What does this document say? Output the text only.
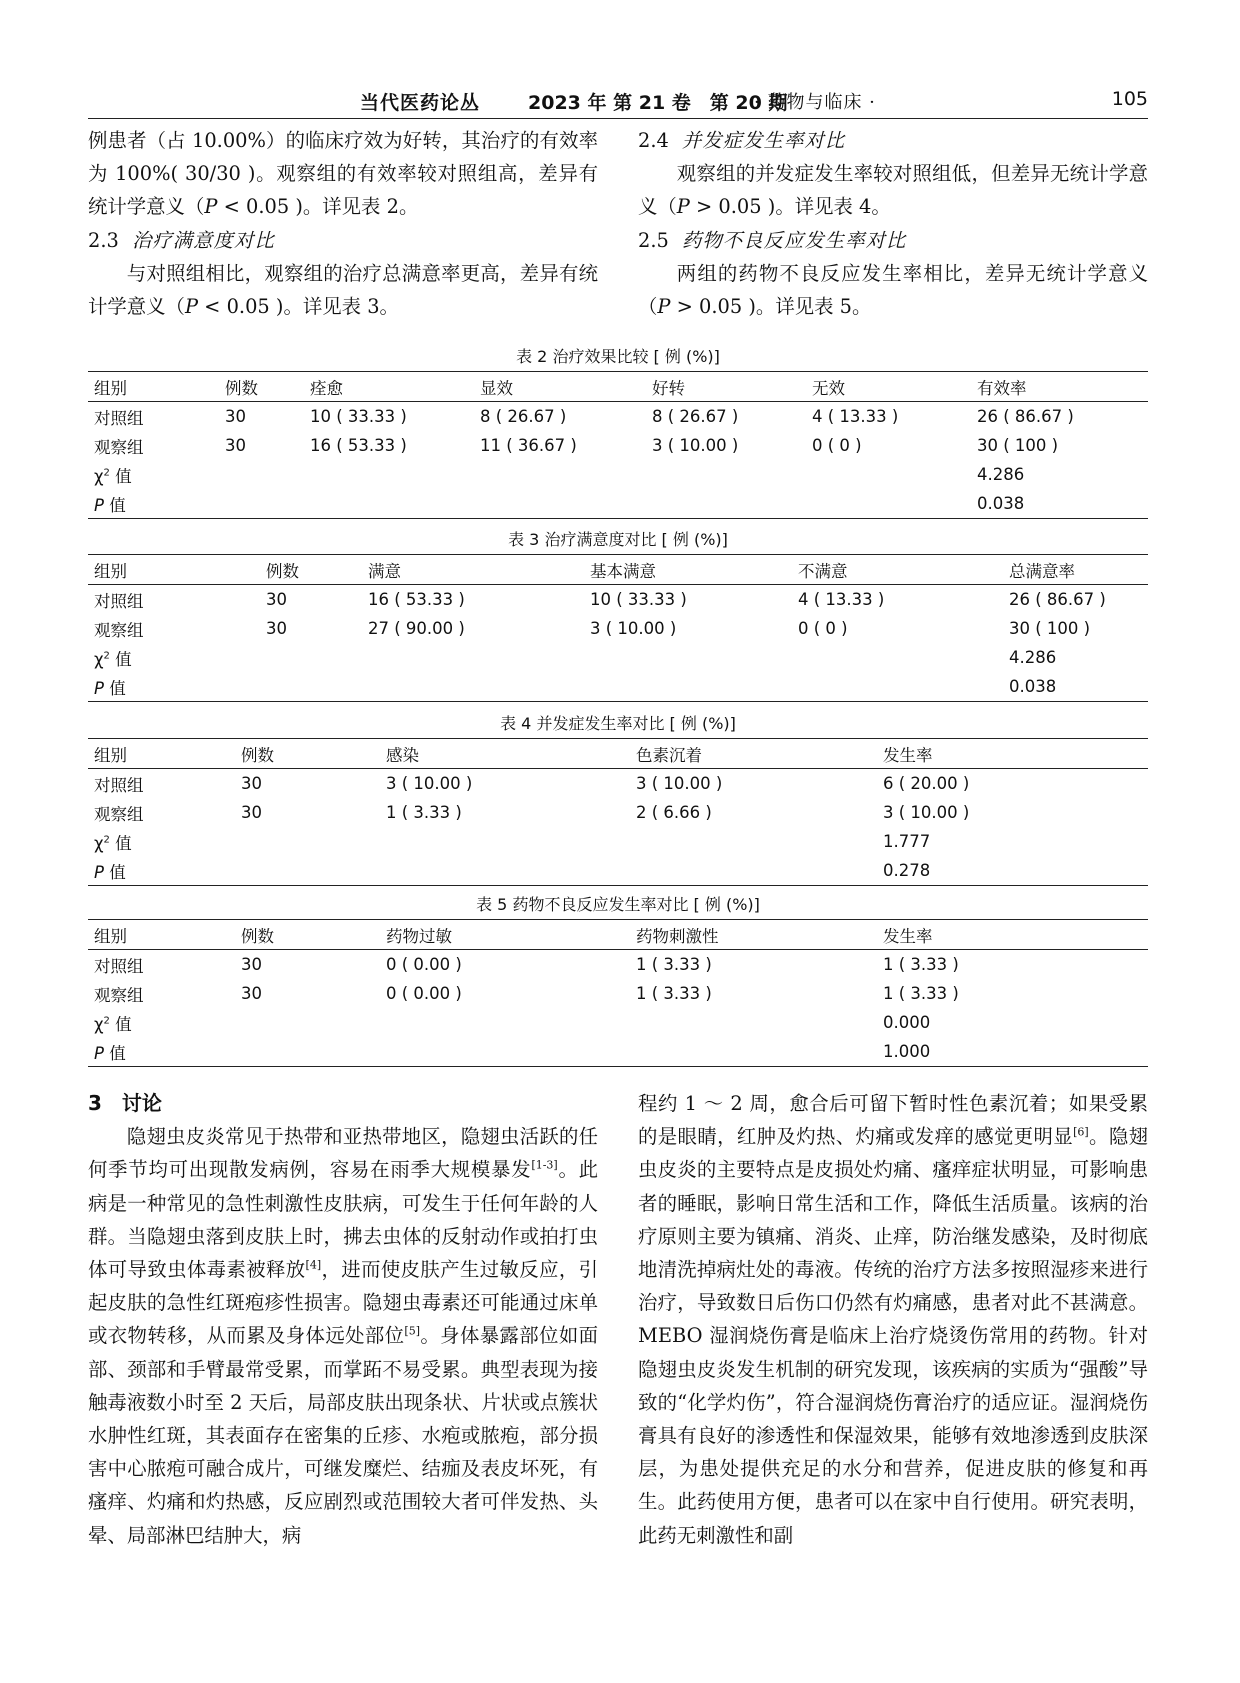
当代医药论丛	2023 年 第 21 卷　第 20 期
· 药物与临床 ·	105

例患者（占 10.00%）的临床疗效为好转，其治疗的有效率为 100%( 30/30 )。观察组的有效率较对照组高，差异有统计学意义（P < 0.05 )。详见表 2。

2.3 治疗满意度对比

与对照组相比，观察组的治疗总满意率更高，差异有统计学意义（P < 0.05 )。详见表 3。

2.4 并发症发生率对比

观察组的并发症发生率较对照组低，但差异无统计学意义（P > 0.05 )。详见表 4。

2.5 药物不良反应发生率对比

两组的药物不良反应发生率相比，差异无统计学意义（P > 0.05 )。详见表 5。

表 2 治疗效果比较 [ 例 (%)]
组别	例数	痊愈	显效	好转	无效	有效率
对照组	30	10 ( 33.33 )	8 ( 26.67 )	8 ( 26.67 )	4 ( 13.33 )	26 ( 86.67 )
观察组	30	16 ( 53.33 )	11 ( 36.67 )	3 ( 10.00 )	0 ( 0 )	30 ( 100 )
$\chi^2$ 值						4.286
P 值						0.038
表 3 治疗满意度对比 [ 例 (%)]
组别	例数	满意	基本满意	不满意	总满意率
对照组	30	16 ( 53.33 )	10 ( 33.33 )	4 ( 13.33 )	26 ( 86.67 )
观察组	30	27 ( 90.00 )	3 ( 10.00 )	0 ( 0 )	30 ( 100 )
$\chi^2$ 值					4.286
P 值					0.038
表 4 并发症发生率对比 [ 例 (%)]
组别	例数	感染	色素沉着	发生率
对照组	30	3 ( 10.00 )	3 ( 10.00 )	6 ( 20.00 )
观察组	30	1 ( 3.33 )	2 ( 6.66 )	3 ( 10.00 )
$\chi^2$ 值				1.777
P 值				0.278
表 5 药物不良反应发生率对比 [ 例 (%)]
组别	例数	药物过敏	药物刺激性	发生率
对照组	30	0 ( 0.00 )	1 ( 3.33 )	1 ( 3.33 )
观察组	30	0 ( 0.00 )	1 ( 3.33 )	1 ( 3.33 )
$\chi^2$ 值				0.000
P 值				1.000
3　讨论

隐翅虫皮炎常见于热带和亚热带地区，隐翅虫活跃的任何季节均可出现散发病例，容易在雨季大规模暴发[1-3]。此病是一种常见的急性刺激性皮肤病，可发生于任何年龄的人群。当隐翅虫落到皮肤上时，拂去虫体的反射动作或拍打虫体可导致虫体毒素被释放[4]，进而使皮肤产生过敏反应，引起皮肤的急性红斑疱疹性损害。隐翅虫毒素还可能通过床单或衣物转移，从而累及身体远处部位[5]。身体暴露部位如面部、颈部和手臂最常受累，而掌跖不易受累。典型表现为接触毒液数小时至 2 天后，局部皮肤出现条状、片状或点簇状水肿性红斑，其表面存在密集的丘疹、水疱或脓疱，部分损害中心脓疱可融合成片，可继发糜烂、结痂及表皮坏死，有瘙痒、灼痛和灼热感，反应剧烈或范围较大者可伴发热、头晕、局部淋巴结肿大，病

程约 1 ～ 2 周，愈合后可留下暂时性色素沉着；如果受累的是眼睛，红肿及灼热、灼痛或发痒的感觉更明显[6]。隐翅虫皮炎的主要特点是皮损处灼痛、瘙痒症状明显，可影响患者的睡眠，影响日常生活和工作，降低生活质量。该病的治疗原则主要为镇痛、消炎、止痒，防治继发感染，及时彻底地清洗掉病灶处的毒液。传统的治疗方法多按照湿疹来进行治疗，导致数日后伤口仍然有灼痛感，患者对此不甚满意。MEBO 湿润烧伤膏是临床上治疗烧烫伤常用的药物。针对隐翅虫皮炎发生机制的研究发现，该疾病的实质为“强酸”导致的“化学灼伤”，符合湿润烧伤膏治疗的适应证。湿润烧伤膏具有良好的渗透性和保湿效果，能够有效地渗透到皮肤深层，为患处提供充足的水分和营养，促进皮肤的修复和再生。此药使用方便，患者可以在家中自行使用。研究表明，此药无刺激性和副
